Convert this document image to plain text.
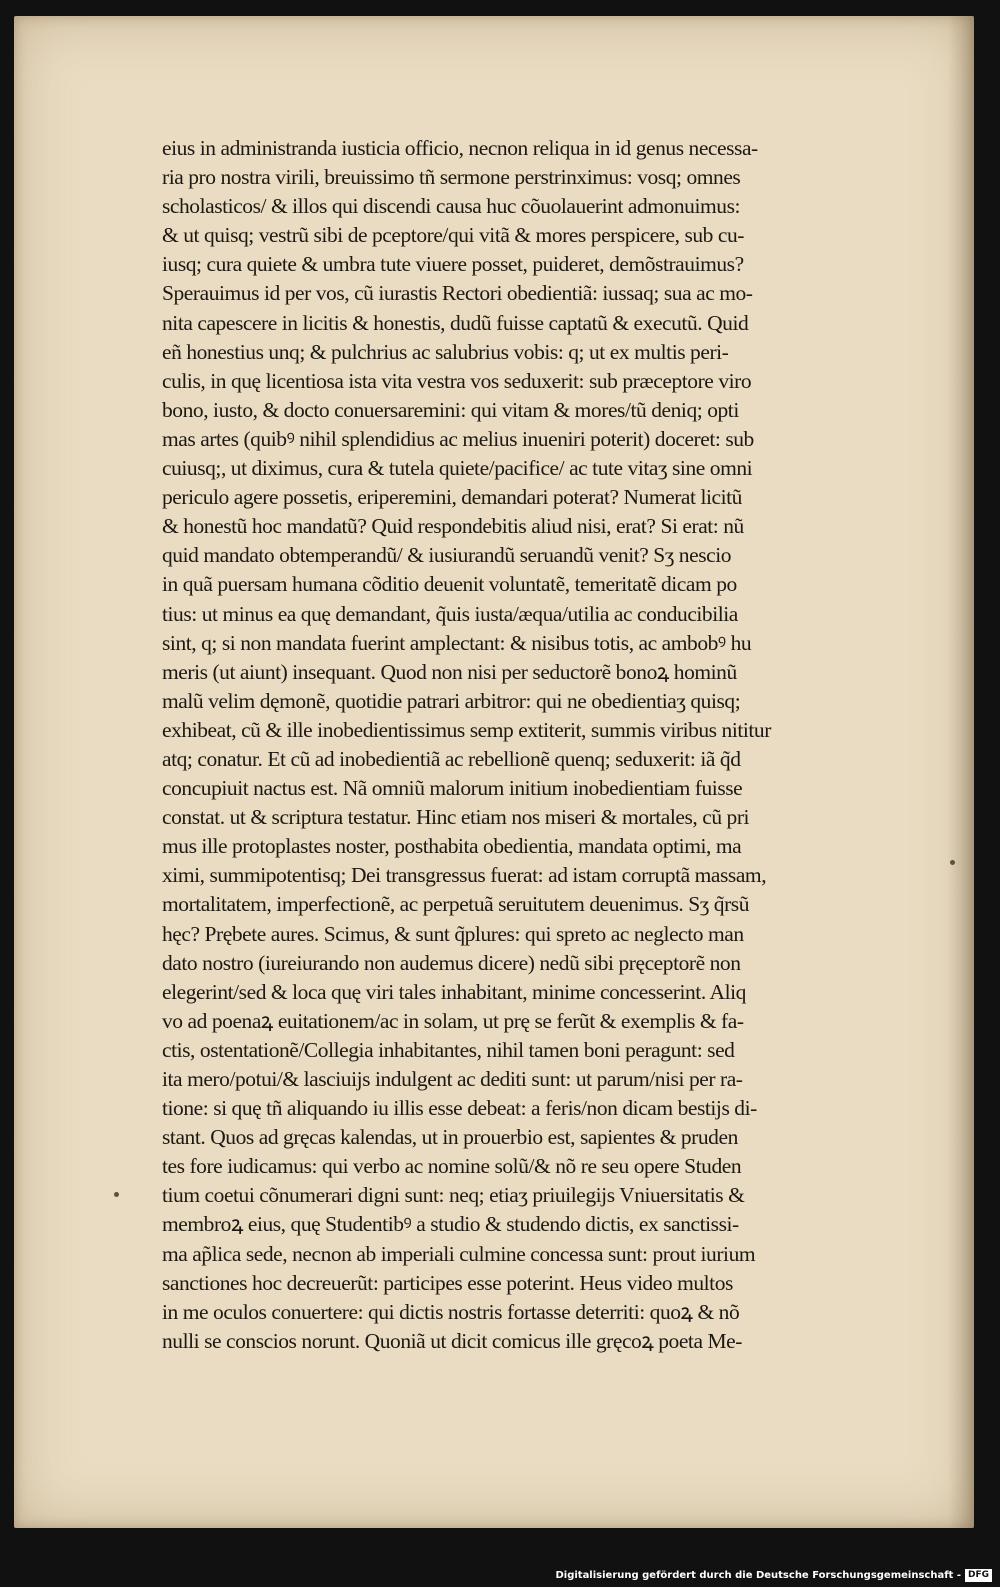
eius in administranda iusticia officio, necnon reliqua in id genus necessa-
ria pro nostra virili, breuissimo tñ sermone perstrinximus: vosq; omnes
scholasticos/ & illos qui discendi causa huc cõuolauerint admonuimus:
& ut quisq; vestrũ sibi de pceptore/qui vitã & mores perspicere, sub cu-
iusq; cura quiete & umbra tute viuere posset, puideret, demõstrauimus?
Sperauimus id per vos, cũ iurastis Rectori obedientiã: iussaq; sua ac mo-
nita capescere in licitis & honestis, dudũ fuisse captatũ & executũ. Quid
eñ honestius unq; & pulchrius ac salubrius vobis: q; ut ex multis peri-
culis, in quę licentiosa ista vita vestra vos seduxerit: sub præceptore viro
bono, iusto, & docto conuersaremini: qui vitam & mores/tũ deniq; opti
mas artes (quibꝰ nihil splendidius ac melius inueniri poterit) doceret: sub
cuiusq;, ut diximus, cura & tutela quiete/pacifice/ ac tute vitaʒ sine omni
periculo agere possetis, eriperemini, demandari poterat? Numerat licitũ
& honestũ hoc mandatũ? Quid respondebitis aliud nisi, erat? Si erat: nũ
quid mandato obtemperandũ/ & iusiurandũ seruandũ venit? Sʒ nescio
in quã puersam humana cõditio deuenit voluntatẽ, temeritatẽ dicam po
tius: ut minus ea quę demandant, q̃uis iusta/æqua/utilia ac conducibilia
sint, q; si non mandata fuerint amplectant: & nisibus totis, ac ambobꝰ hu
meris (ut aiunt) insequant. Quod non nisi per seductorẽ bonoꝝ hominũ
malũ velim dęmonẽ, quotidie patrari arbitror: qui ne obedientiaʒ quisq;
exhibeat, cũ & ille inobedientissimus semp extiterit, summis viribus nititur
atq; conatur. Et cũ ad inobedientiã ac rebellionẽ quenq; seduxerit: iã q̃d
concupiuit nactus est. Nã omniũ malorum initium inobedientiam fuisse
constat. ut & scriptura testatur. Hinc etiam nos miseri & mortales, cũ pri
mus ille protoplastes noster, posthabita obedientia, mandata optimi, ma
ximi, summipotentisq; Dei transgressus fuerat: ad istam corruptã massam,
mortalitatem, imperfectionẽ, ac perpetuã seruitutem deuenimus. Sʒ q̃rsũ
hęc? Prębete aures. Scimus, & sunt q̃plures: qui spreto ac neglecto man
dato nostro (iureiurando non audemus dicere) nedũ sibi pręceptorẽ non
elegerint/sed & loca quę viri tales inhabitant, minime concesserint. Aliq
vo ad poenaꝝ euitationem/ac in solam, ut prę se ferũt & exemplis & fa-
ctis, ostentationẽ/Collegia inhabitantes, nihil tamen boni peragunt: sed
ita mero/potui/& lasciuijs indulgent ac dediti sunt: ut parum/nisi per ra-
tione: si quę tñ aliquando iu illis esse debeat: a feris/non dicam bestijs di-
stant. Quos ad gręcas kalendas, ut in prouerbio est, sapientes & pruden
tes fore iudicamus: qui verbo ac nomine solũ/& nõ re seu opere Studen
tium coetui cõnumerari digni sunt: neq; etiaʒ priuilegijs Vniuersitatis &
membroꝝ eius, quę Studentibꝰ a studio & studendo dictis, ex sanctissi-
ma ap̃lica sede, necnon ab imperiali culmine concessa sunt: prout iurium
sanctiones hoc decreuerũt: participes esse poterint. Heus video multos
in me oculos conuertere: qui dictis nostris fortasse deterriti: quoꝝ & nõ
nulli se conscios norunt. Quoniã ut dicit comicus ille gręcoꝝ poeta Me-
Digitalisierung gefördert durch die Deutsche Forschungsgemeinschaft - DFG
